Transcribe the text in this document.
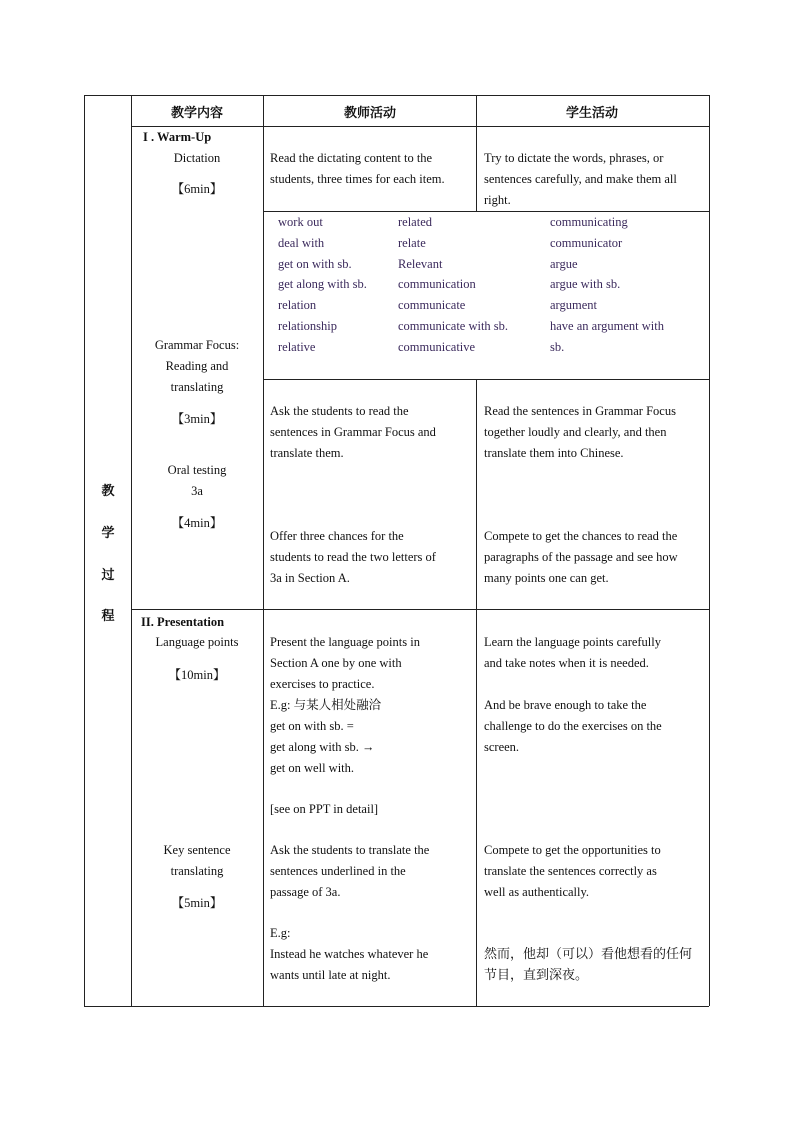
教
学
过
程
教学内容	教师活动	学生活动
I . Warm-Up
Dictation
【6min】
Read the dictating content to the
students, three times for each item.
Try to dictate the words, phrases, or
sentences carefully, and make them all
right.
work out
deal with
get on with sb.
get along with sb.
relation
relationship
relative
related
relate
Relevant
communication
communicate
communicate with sb.
communicative
communicating
communicator
argue
argue with sb.
argument
have an argument with
sb.
Grammar Focus:
Reading and
translating
【3min】
Ask the students to read the
sentences in Grammar Focus and
translate them.
Read the sentences in Grammar Focus
together loudly and clearly, and then
translate them into Chinese.
Oral testing
3a
【4min】
Offer three chances for the
students to read the two letters of
3a in Section A.
Compete to get the chances to read the
paragraphs of the passage and see how
many points one can get.
II. Presentation
Language points
【10min】
Present the language points in
Section A one by one with
exercises to practice.
E.g: 与某人相处融洽
get on with sb. =
get along with sb. →
get on well with.
[see on PPT in detail]
Learn the language points carefully
and take notes when it is needed.
And be brave enough to take the
challenge to do the exercises on the
screen.
Key sentence
translating
【5min】
Ask the students to translate the
sentences underlined in the
passage of 3a.
E.g:
Instead he watches whatever he
wants until late at night.
Compete to get the opportunities to
translate the sentences correctly as
well as authentically.
然而，他却（可以）看他想看的任何
节目，直到深夜。
